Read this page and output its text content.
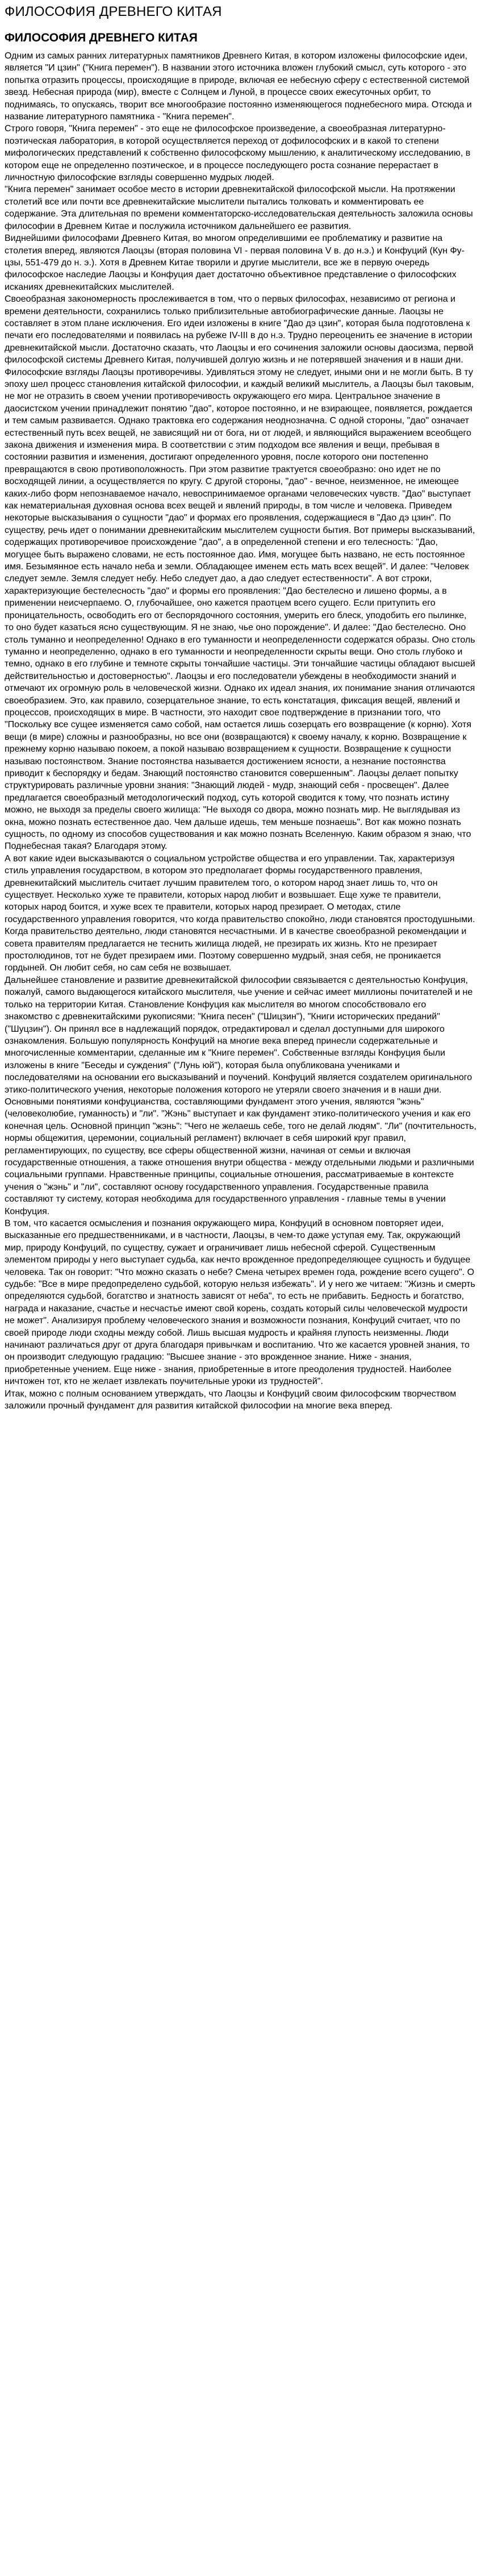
ФИЛОСОФИЯ ДРЕВНЕГО КИТАЯ
ФИЛОСОФИЯ ДРЕВНЕГО КИТАЯ

Одним из самых ранних литературных памятников Древнего Китая, в котором изложены философские идеи, является "И цзин" ("Книга перемен"). В названии этого источника вложен глубокий смысл, суть которого - это попытка отразить процессы, происходящие в природе, включая ее небесную сферу с естественной системой звезд. Небесная природа (мир), вместе с Солнцем и Луной, в процессе своих ежесуточных орбит, то поднимаясь, то опускаясь, творит все многообразие постоянно изменяющегося поднебесного мира. Отсюда и название литературного памятника - "Книга перемен".

Строго говоря, "Книга перемен" - это еще не философское произведение, а своеобразная литературно-поэтическая лаборатория, в которой осуществляется переход от дофилософских и в какой то степени мифологических представлений к собственно философскому мышлению, к аналитическому исследованию, в котором еще не определенно поэтическое, и в процессе последующего роста сознание перерастает в личностную философские взгляды совершенно мудрых людей.

"Книга перемен" занимает особое место в истории древнекитайской философской мысли. На протяжении столетий все или почти все древнекитайские мыслители пытались толковать и комментировать ее содержание. Эта длительная по времени комментаторско-исследовательская деятельность заложила основы философии в Древнем Китае и послужила источником дальнейшего ее развития.

Виднейшими философами Древнего Китая, во многом определившими ее проблематику и развитие на столетия вперед, являются Лаоцзы (вторая половина VI - первая половина V в. до н.э.) и Конфуций (Кун Фу-цзы, 551-479 до н. э.). Хотя в Древнем Китае творили и другие мыслители, все же в первую очередь философское наследие Лаоцзы и Конфуция дает достаточно объективное представление о философских исканиях древнекитайских мыслителей.

Своеобразная закономерность прослеживается в том, что о первых философах, независимо от региона и времени деятельности, сохранились только приблизительные автобиографические данные. Лаоцзы не составляет в этом плане исключения. Его идеи изложены в книге "Дао дэ цзин", которая была подготовлена к печати его последователями и появилась на рубеже IV-III в до н.э. Трудно переоценить ее значение в истории древнекитайской мысли. Достаточно сказать, что Лаоцзы и его сочинения заложили основы даосизма, первой философской системы Древнего Китая, получившей долгую жизнь и не потерявшей значения и в наши дни.

Философские взгляды Лаоцзы противоречивы. Удивляться этому не следует, иными они и не могли быть. В ту эпоху шел процесс становления китайской философии, и каждый великий мыслитель, а Лаоцзы был таковым, не мог не отразить в своем учении противоречивость окружающего его мира. Центральное значение в даосистском учении принадлежит понятию "дао", которое постоянно, и не взирающее, появляется, рождается и тем самым развивается. Однако трактовка его содержания неоднозначна. С одной стороны, "дао" означает естественный путь всех вещей, не зависящий ни от бога, ни от людей, и являющийся выражением всеобщего закона движения и изменения мира. В соответствии с этим подходом все явления и вещи, пребывая в состоянии развития и изменения, достигают определенного уровня, после которого они постепенно превращаются в свою противоположность. При этом развитие трактуется своеобразно: оно идет не по восходящей линии, а осуществляется по кругу. С другой стороны, "дао" - вечное, неизменное, не имеющее каких-либо форм непознаваемое начало, невоспринимаемое органами человеческих чувств. "Дао" выступает как нематериальная духовная основа всех вещей и явлений природы, в том числе и человека. Приведем некоторые высказывания о сущности "дао" и формах его проявления, содержащиеся в "Дао дэ цзин". По существу, речь идет о понимании древнекитайским мыслителем сущности бытия. Вот примеры высказываний, содержащих противоречивое происхождение "дао", а в определенной степени и его телесность: "Дао, могущее быть выражено словами, не есть постоянное дао. Имя, могущее быть названо, не есть постоянное имя. Безымянное есть начало неба и земли. Обладающее именем есть мать всех вещей". И далее: "Человек следует земле. Земля следует небу. Небо следует дао, а дао следует естественности". А вот строки, характеризующие бестелесность "дао" и формы его проявления: "Дао бестелесно и лишено формы, а в применении неисчерпаемо. О, глубочайшее, оно кажется праотцем всего сущего. Если притупить его проницательность, освободить его от беспорядочного состояния, умерить его блеск, уподобить его пылинке, то оно будет казаться ясно существующим. Я не знаю, чье оно порождение". И далее: "Дао бестелесно. Оно столь туманно и неопределенно! Однако в его туманности и неопределенности содержатся образы. Оно столь туманно и неопределенно, однако в его туманности и неопределенности скрыты вещи. Оно столь глубоко и темно, однако в его глубине и темноте скрыты тончайшие частицы. Эти тончайшие частицы обладают высшей действительностью и достоверностью". Лаоцзы и его последователи убеждены в необходимости знаний и отмечают их огромную роль в человеческой жизни. Однако их идеал знания, их понимание знания отличаются своеобразием. Это, как правило, созерцательное знание, то есть констатация, фиксация вещей, явлений и процессов, происходящих в мире. В частности, это находит свое подтверждение в признании того, что "Поскольку все сущее изменяется само собой, нам остается лишь созерцать его возвращение (к корню). Хотя вещи (в мире) сложны и разнообразны, но все они (возвращаются) к своему началу, к корню. Возвращение к прежнему корню называю покоем, а покой называю возвращением к сущности. Возвращение к сущности называю постоянством. Знание постоянства называется достижением ясности, а незнание постоянства приводит к беспорядку и бедам. Знающий постоянство становится совершенным". Лаоцзы делает попытку структурировать различные уровни знания: "Знающий людей - мудр, знающий себя - просвещен". Далее предлагается своеобразный методологический подход, суть которой сводится к тому, что познать истину можно, не выходя за пределы своего жилища: "Не выходя со двора, можно познать мир. Не выглядывая из окна, можно познать естественное дао. Чем дальше идешь, тем меньше познаешь". Вот как можно познать сущность, по одному из способов существования и как можно познать Вселенную. Каким образом я знаю, что Поднебесная такая? Благодаря этому.

А вот какие идеи высказываются о социальном устройстве общества и его управлении. Так, характеризуя стиль управления государством, в котором это предполагает формы государственного правления, древнекитайский мыслитель считает лучшим правителем того, о котором народ знает лишь то, что он существует. Несколько хуже те правители, которых народ любит и возвышает. Еще хуже те правители, которых народ боится, и хуже всех те правители, которых народ презирает. О методах, стиле государственного управления говорится, что когда правительство спокойно, люди становятся простодушными. Когда правительство деятельно, люди становятся несчастными. И в качестве своеобразной рекомендации и совета правителям предлагается не теснить жилища людей, не презирать их жизнь. Кто не презирает простолюдинов, тот не будет презираем ими. Поэтому совершенно мудрый, зная себя, не проникается гордыней. Он любит себя, но сам себя не возвышает.

Дальнейшее становление и развитие древнекитайской философии связывается с деятельностью Конфуция, пожалуй, самого выдающегося китайского мыслителя, чье учение и сейчас имеет миллионы почитателей и не только на территории Китая. Становление Конфуция как мыслителя во многом способствовало его знакомство с древнекитайскими рукописями: "Книга песен" ("Шицзин"), "Книги исторических преданий" ("Шуцзин"). Он принял все в надлежащий порядок, отредактировал и сделал доступными для широкого ознакомления. Большую популярность Конфуций на многие века вперед принесли содержательные и многочисленные комментарии, сделанные им к "Книге перемен". Собственные взгляды Конфуция были изложены в книге "Беседы и суждения" ("Лунь юй"), которая была опубликована учениками и последователями на основании его высказываний и поучений. Конфуций является создателем оригинального этико-политического учения, некоторые положения которого не утеряли своего значения и в наши дни.

Основными понятиями конфуцианства, составляющими фундамент этого учения, являются "жэнь" (человеколюбие, гуманность) и "ли". "Жэнь" выступает и как фундамент этико-политического учения и как его конечная цель. Основной принцип "жэнь": "Чего не желаешь себе, того не делай людям". "Ли" (почтительность, нормы общежития, церемонии, социальный регламент) включает в себя широкий круг правил, регламентирующих, по существу, все сферы общественной жизни, начиная от семьи и включая государственные отношения, а также отношения внутри общества - между отдельными людьми и различными социальными группами. Нравственные принципы, социальные отношения, рассматриваемые в контексте учения о "жэнь" и "ли", составляют основу государственного управления. Государственные правила составляют ту систему, которая необходима для государственного управления - главные темы в учении Конфуция.

В том, что касается осмысления и познания окружающего мира, Конфуций в основном повторяет идеи, высказанные его предшественниками, и в частности, Лаоцзы, в чем-то даже уступая ему. Так, окружающий мир, природу Конфуций, по существу, сужает и ограничивает лишь небесной сферой. Существенным элементом природы у него выступает судьба, как нечто врожденное предопределяющее сущность и будущее человека. Так он говорит: "Что можно сказать о небе? Смена четырех времен года, рождение всего сущего". О судьбе: "Все в мире предопределено судьбой, которую нельзя избежать". И у него же читаем: "Жизнь и смерть определяются судьбой, богатство и знатность зависят от неба", то есть не прибавить. Бедность и богатство, награда и наказание, счастье и несчастье имеют свой корень, создать который силы человеческой мудрости не может". Анализируя проблему человеческого знания и возможности познания, Конфуций считает, что по своей природе люди сходны между собой. Лишь высшая мудрость и крайняя глупость неизменны. Люди начинают различаться друг от друга благодаря привычкам и воспитанию. Что же касается уровней знания, то он производит следующую градацию: "Высшее знание - это врожденное знание. Ниже - знания, приобретенные учением. Еще ниже - знания, приобретенные в итоге преодоления трудностей. Наиболее ничтожен тот, кто не желает извлекать поучительные уроки из трудностей".

Итак, можно с полным основанием утверждать, что Лаоцзы и Конфуций своим философским творчеством заложили прочный фундамент для развития китайской философии на многие века вперед.
